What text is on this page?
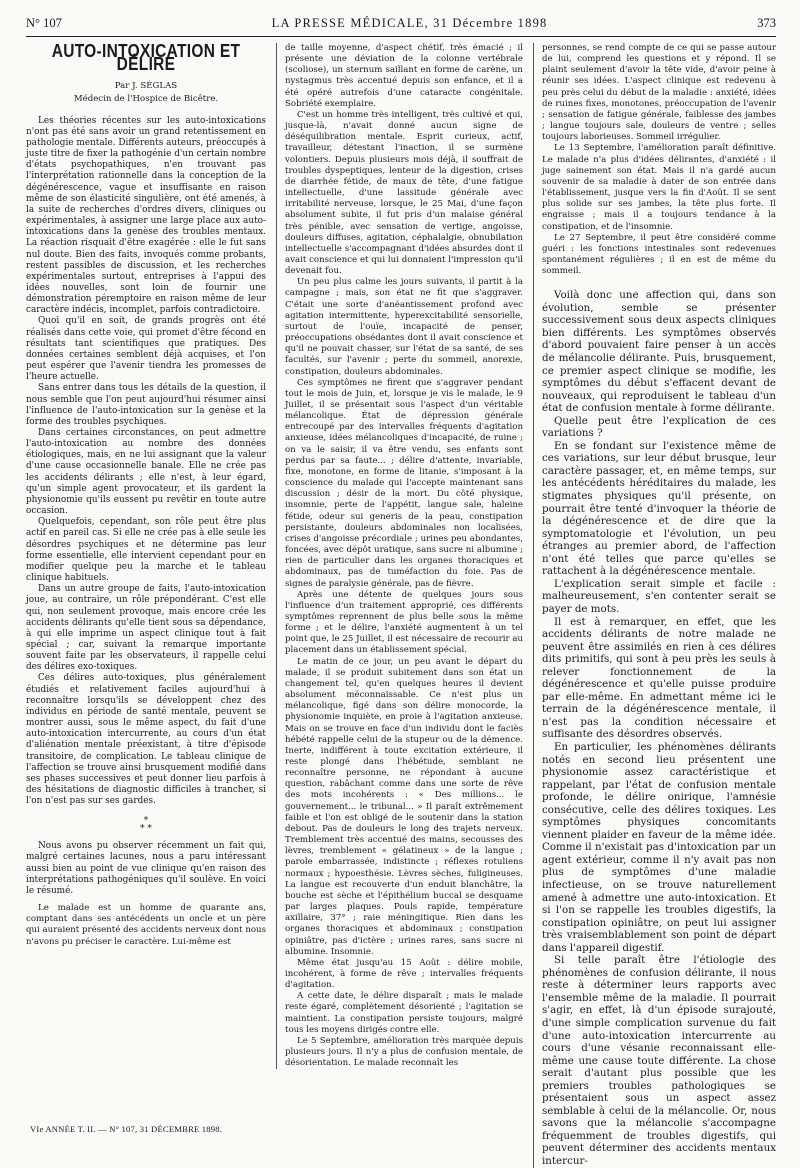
N° 107	LA PRESSE MÉDICALE, 31 Décembre 1898	373
AUTO-INTOXICATION ET DÉLIRE
Par J. SÉGLAS
Médecin de l'Hospice de Bicêtre.

Les théories récentes sur les auto-intoxications n'ont pas été sans avoir un grand retentissement en pathologie mentale. Différents auteurs, préoccupés à juste titre de fixer la pathogénie d'un certain nombre d'états psychopathiques, n'en trouvant pas l'interprétation rationnelle dans la conception de la dégénérescence, vague et insuffisante en raison même de son élasticité singulière, ont été amenés, à la suite de recherches d'ordres divers, cliniques ou expérimentales, à assigner une large place aux auto-intoxications dans la genèse des troubles mentaux. La réaction risquait d'être exagérée : elle le fut sans nul doute. Bien des faits, invoqués comme probants, restent passibles de discussion, et les recherches expérimentales surtout, entreprises à l'appui des idées nouvelles, sont loin de fournir une démonstration péremptoire en raison même de leur caractère indécis, incomplet, parfois contradictoire.

Quoi qu'il en soit, de grands progrès ont été réalisés dans cette voie, qui promet d'être fécond en résultats tant scientifiques que pratiques. Des données certaines semblent déjà acquises, et l'on peut espérer que l'avenir tiendra les promesses de l'heure actuelle.

Sans entrer dans tous les détails de la question, il nous semble que l'on peut aujourd'hui résumer ainsi l'influence de l'auto-intoxication sur la genèse et la forme des troubles psychiques.

Dans certaines circonstances, on peut admettre l'auto-intoxication au nombre des données étiologiques, mais, en ne lui assignant que la valeur d'une cause occasionnelle banale. Elle ne crée pas les accidents délirants ; elle n'est, à leur égard, qu'un simple agent provocateur, et ils gardent la physionomie qu'ils eussent pu revêtir en toute autre occasion.

Quelquefois, cependant, son rôle peut être plus actif en pareil cas. Si elle ne crée pas à elle seule les désordres psychiques et ne détermine pas leur forme essentielle, elle intervient cependant pour en modifier quelque peu la marche et le tableau clinique habituels.

Dans un autre groupe de faits, l'auto-intoxication joue, au contraire, un rôle prépondérant. C'est elle qui, non seulement provoque, mais encore crée les accidents délirants qu'elle tient sous sa dépendance, à qui elle imprime un aspect clinique tout à fait spécial ; car, suivant la remarque importante souvent faite par les observateurs, il rappelle celui des délires exo-toxiques.

Ces délires auto-toxiques, plus généralement étudiés et relativement faciles aujourd'hui à reconnaître lorsqu'ils se développent chez des individus en période de santé mentale, peuvent se montrer aussi, sous le même aspect, du fait d'une auto-intoxication intercurrente, au cours d'un état d'aliénation mentale préexistant, à titre d'épisode transitoire, de complication. Le tableau clinique de l'affection se trouve ainsi brusquement modifié dans ses phases successives et peut donner lieu parfois à des hésitations de diagnostic difficiles à trancher, si l'on n'est pas sur ses gardes.

*
* *

Nous avons pu observer récemment un fait qui, malgré certaines lacunes, nous a paru intéressant aussi bien au point de vue clinique qu'en raison des interprétations pathogéniques qu'il soulève. En voici le résumé.

Le malade est un homme de quarante ans, comptant dans ses antécédents un oncle et un père qui auraient présenté des accidents nerveux dont nous n'avons pu préciser le caractère. Lui-même est

de taille moyenne, d'aspect chétif, très émacié ; il présente une déviation de la colonne vertébrale (scoliose), un sternum saillant en forme de carène, un nystagmus très accentué depuis son enfance, et il a été opéré autrefois d'une cataracte congénitale. Sobriété exemplaire.

C'est un homme très intelligent, très cultivé et qui, jusque-là, n'avait donné aucun signe de déséquilibration mentale. Esprit curieux, actif, travailleur, détestant l'inaction, il se surmène volontiers. Depuis plusieurs mois déjà, il souffrait de troubles dyspeptiques, lenteur de la digestion, crises de diarrhée fétide, de maux de tête, d'une fatigue intellectuelle, d'une lassitude générale avec irritabilité nerveuse, lorsque, le 25 Mai, d'une façon absolument subite, il fut pris d'un malaise général très pénible, avec sensation de vertige, angoisse, douleurs diffuses, agitation, céphalalgie, obnubilation intellectuelle s'accompagnant d'idées absurdes dont il avait conscience et qui lui donnaient l'impression qu'il devenait fou.

Un peu plus calme les jours suivants, il partit à la campagne ; mais, son état ne fit que s'aggraver. C'était une sorte d'anéantissement profond avec agitation intermittente, hyperexcitabilité sensorielle, surtout de l'ouïe, incapacité de penser, préoccupations obsédantes dont il avait conscience et qu'il ne pouvait chasser, sur l'état de sa santé, de ses facultés, sur l'avenir ; perte du sommeil, anorexie, constipation, douleurs abdominales.

Ces symptômes ne firent que s'aggraver pendant tout le mois de Juin, et, lorsque je vis le malade, le 9 Juillet, il se présentait sous l'aspect d'un véritable mélancolique. État de dépression générale entrecoupé par des intervalles fréquents d'agitation anxieuse, idées mélancoliques d'incapacité, de ruine ; on va le saisir, il va être vendu, ses enfants sont perdus par sa faute... ; délire d'attente, invariable, fixe, monotone, en forme de litanie, s'imposant à la conscience du malade qui l'accepte maintenant sans discussion ; désir de la mort. Du côté physique, insomnie, perte de l'appétit, langue sale, haleine fétide, odeur sui generis de la peau, constipation persistante, douleurs abdominales non localisées, crises d'angoisse précordiale ; urines peu abondantes, foncées, avec dépôt uratique, sans sucre ni albumine ; rien de particulier dans les organes thoraciques et abdominaux, pas de tuméfaction du foie. Pas de signes de paralysie générale, pas de fièvre.

Après une détente de quelques jours sous l'influence d'un traitement approprié, ces différents symptômes reprennent de plus belle sous la même forme ; et le délire, l'anxiété augmentent à un tel point que, le 25 Juillet, il est nécessaire de recourir au placement dans un établissement spécial.

Le matin de ce jour, un peu avant le départ du malade, il se produit subitement dans son état un changement tel, qu'en quelques heures il devient absolument méconnaissable. Ce n'est plus un mélancolique, figé dans son délire monocorde, la physionomie inquiète, en proie à l'agitation anxieuse. Mais on se trouve en face d'un individu dont le faciès hébété rappelle celui de la stupeur ou de la démence. Inerte, indifférent à toute excitation extérieure, il reste plongé dans l'hébétude, semblant ne reconnaître personne, ne répondant à aucune question, rabâchant comme dans une sorte de rêve des mots incohérents : « Des millions... le gouvernement... le tribunal... » Il paraît extrêmement faible et l'on est obligé de le soutenir dans la station debout. Pas de douleurs le long des trajets nerveux. Tremblement très accentué des mains, secousses des lèvres, tremblement « gélatineux » de la langue ; parole embarrassée, indistincte ; réflexes rotuliens normaux ; hypoesthésie. Lèvres sèches, fuligineuses. La langue est recouverte d'un enduit blanchâtre, la bouche est sèche et l'épithélium buccal se desquame par larges plaques. Pouls rapide, température axillaire, 37° ; raie méningitique. Rien dans les organes thoraciques et abdominaux ; constipation opiniâtre, pas d'ictère ; urines rares, sans sucre ni albumine. Insomnie.

Même état jusqu'au 15 Août : délire mobile, incohérent, à forme de rêve ; intervalles fréquents d'agitation.

A cette date, le délire disparaît ; mais le malade reste égaré, complètement désorienté ; l'agitation se maintient. La constipation persiste toujours, malgré tous les moyens dirigés contre elle.

Le 5 Septembre, amélioration très marquée depuis plusieurs jours. Il n'y a plus de confusion mentale, de désorientation. Le malade reconnaît les

personnes, se rend compte de ce qui se passe autour de lui, comprend les questions et y répond. Il se plaint seulement d'avoir la tête vide, d'avoir peine à réunir ses idées. L'aspect clinique est redevenu à peu près celui du début de la maladie : anxiété, idées de ruines fixes, monotones, préoccupation de l'avenir ; sensation de fatigue générale, faiblesse des jambes ; langue toujours sale, douleurs de ventre ; selles toujours laborieuses. Sommeil irrégulier.

Le 13 Septembre, l'amélioration paraît définitive. Le malade n'a plus d'idées délirantes, d'anxiété : il juge sainement son état. Mais il n'a gardé aucun souvenir de sa maladie à dater de son entrée dans l'établissement, jusque vers la fin d'Août. Il se sent plus solide sur ses jambes, la tête plus forte. Il engraisse ; mais il a toujours tendance à la constipation, et de l'insomnie.

Le 27 Septembre, il peut être considéré comme guéri : les fonctions intestinales sont redevenues spontanément régulières ; il en est de même du sommeil.

Voilà donc une affection qui, dans son évolution, semble se présenter successivement sous deux aspects cliniques bien différents. Les symptômes observés d'abord pouvaient faire penser à un accès de mélancolie délirante. Puis, brusquement, ce premier aspect clinique se modifie, les symptômes du début s'effacent devant de nouveaux, qui reproduisent le tableau d'un état de confusion mentale à forme délirante.

Quelle peut être l'explication de ces variations ?

En se fondant sur l'existence même de ces variations, sur leur début brusque, leur caractère passager, et, en même temps, sur les antécédents héréditaires du malade, les stigmates physiques qu'il présente, on pourrait être tenté d'invoquer la théorie de la dégénérescence et de dire que la symptomatologie et l'évolution, un peu étranges au premier abord, de l'affection n'ont été telles que parce qu'elles se rattachent à la dégénérescence mentale.

L'explication serait simple et facile : malheureusement, s'en contenter serait se payer de mots.

Il est à remarquer, en effet, que les accidents délirants de notre malade ne peuvent être assimilés en rien à ces délires dits primitifs, qui sont à peu près les seuls à relever fonctionnement de la dégénérescence et qu'elle puisse produire par elle-même. En admettant même ici le terrain de la dégénérescence mentale, il n'est pas la condition nécessaire et suffisante des désordres observés.

En particulier, les phénomènes délirants notés en second lieu présentent une physionomie assez caractéristique et rappelant, par l'état de confusion mentale profonde, le délire onirique, l'amnésie consécutive, celle des délires toxiques. Les symptômes physiques concomitants viennent plaider en faveur de la même idée. Comme il n'existait pas d'intoxication par un agent extérieur, comme il n'y avait pas non plus de symptômes d'une maladie infectieuse, on se trouve naturellement amené à admettre une auto-intoxication. Et si l'on se rappelle les troubles digestifs, la constipation opiniâtre, on peut lui assigner très vraisemblablement son point de départ dans l'appareil digestif.

Si telle paraît être l'étiologie des phénomènes de confusion délirante, il nous reste à déterminer leurs rapports avec l'ensemble même de la maladie. Il pourrait s'agir, en effet, là d'un épisode surajouté, d'une simple complication survenue du fait d'une auto-intoxication intercurrente au cours d'une vésanie reconnaissant elle-même une cause toute différente. La chose serait d'autant plus possible que les premiers troubles pathologiques se présentaient sous un aspect assez semblable à celui de la mélancolie. Or, nous savons que la mélancolie s'accompagne fréquemment de troubles digestifs, qui peuvent déterminer des accidents mentaux intercur-

VIe ANNÉE T. II. — N° 107, 31 DÉCEMBRE 1898.
